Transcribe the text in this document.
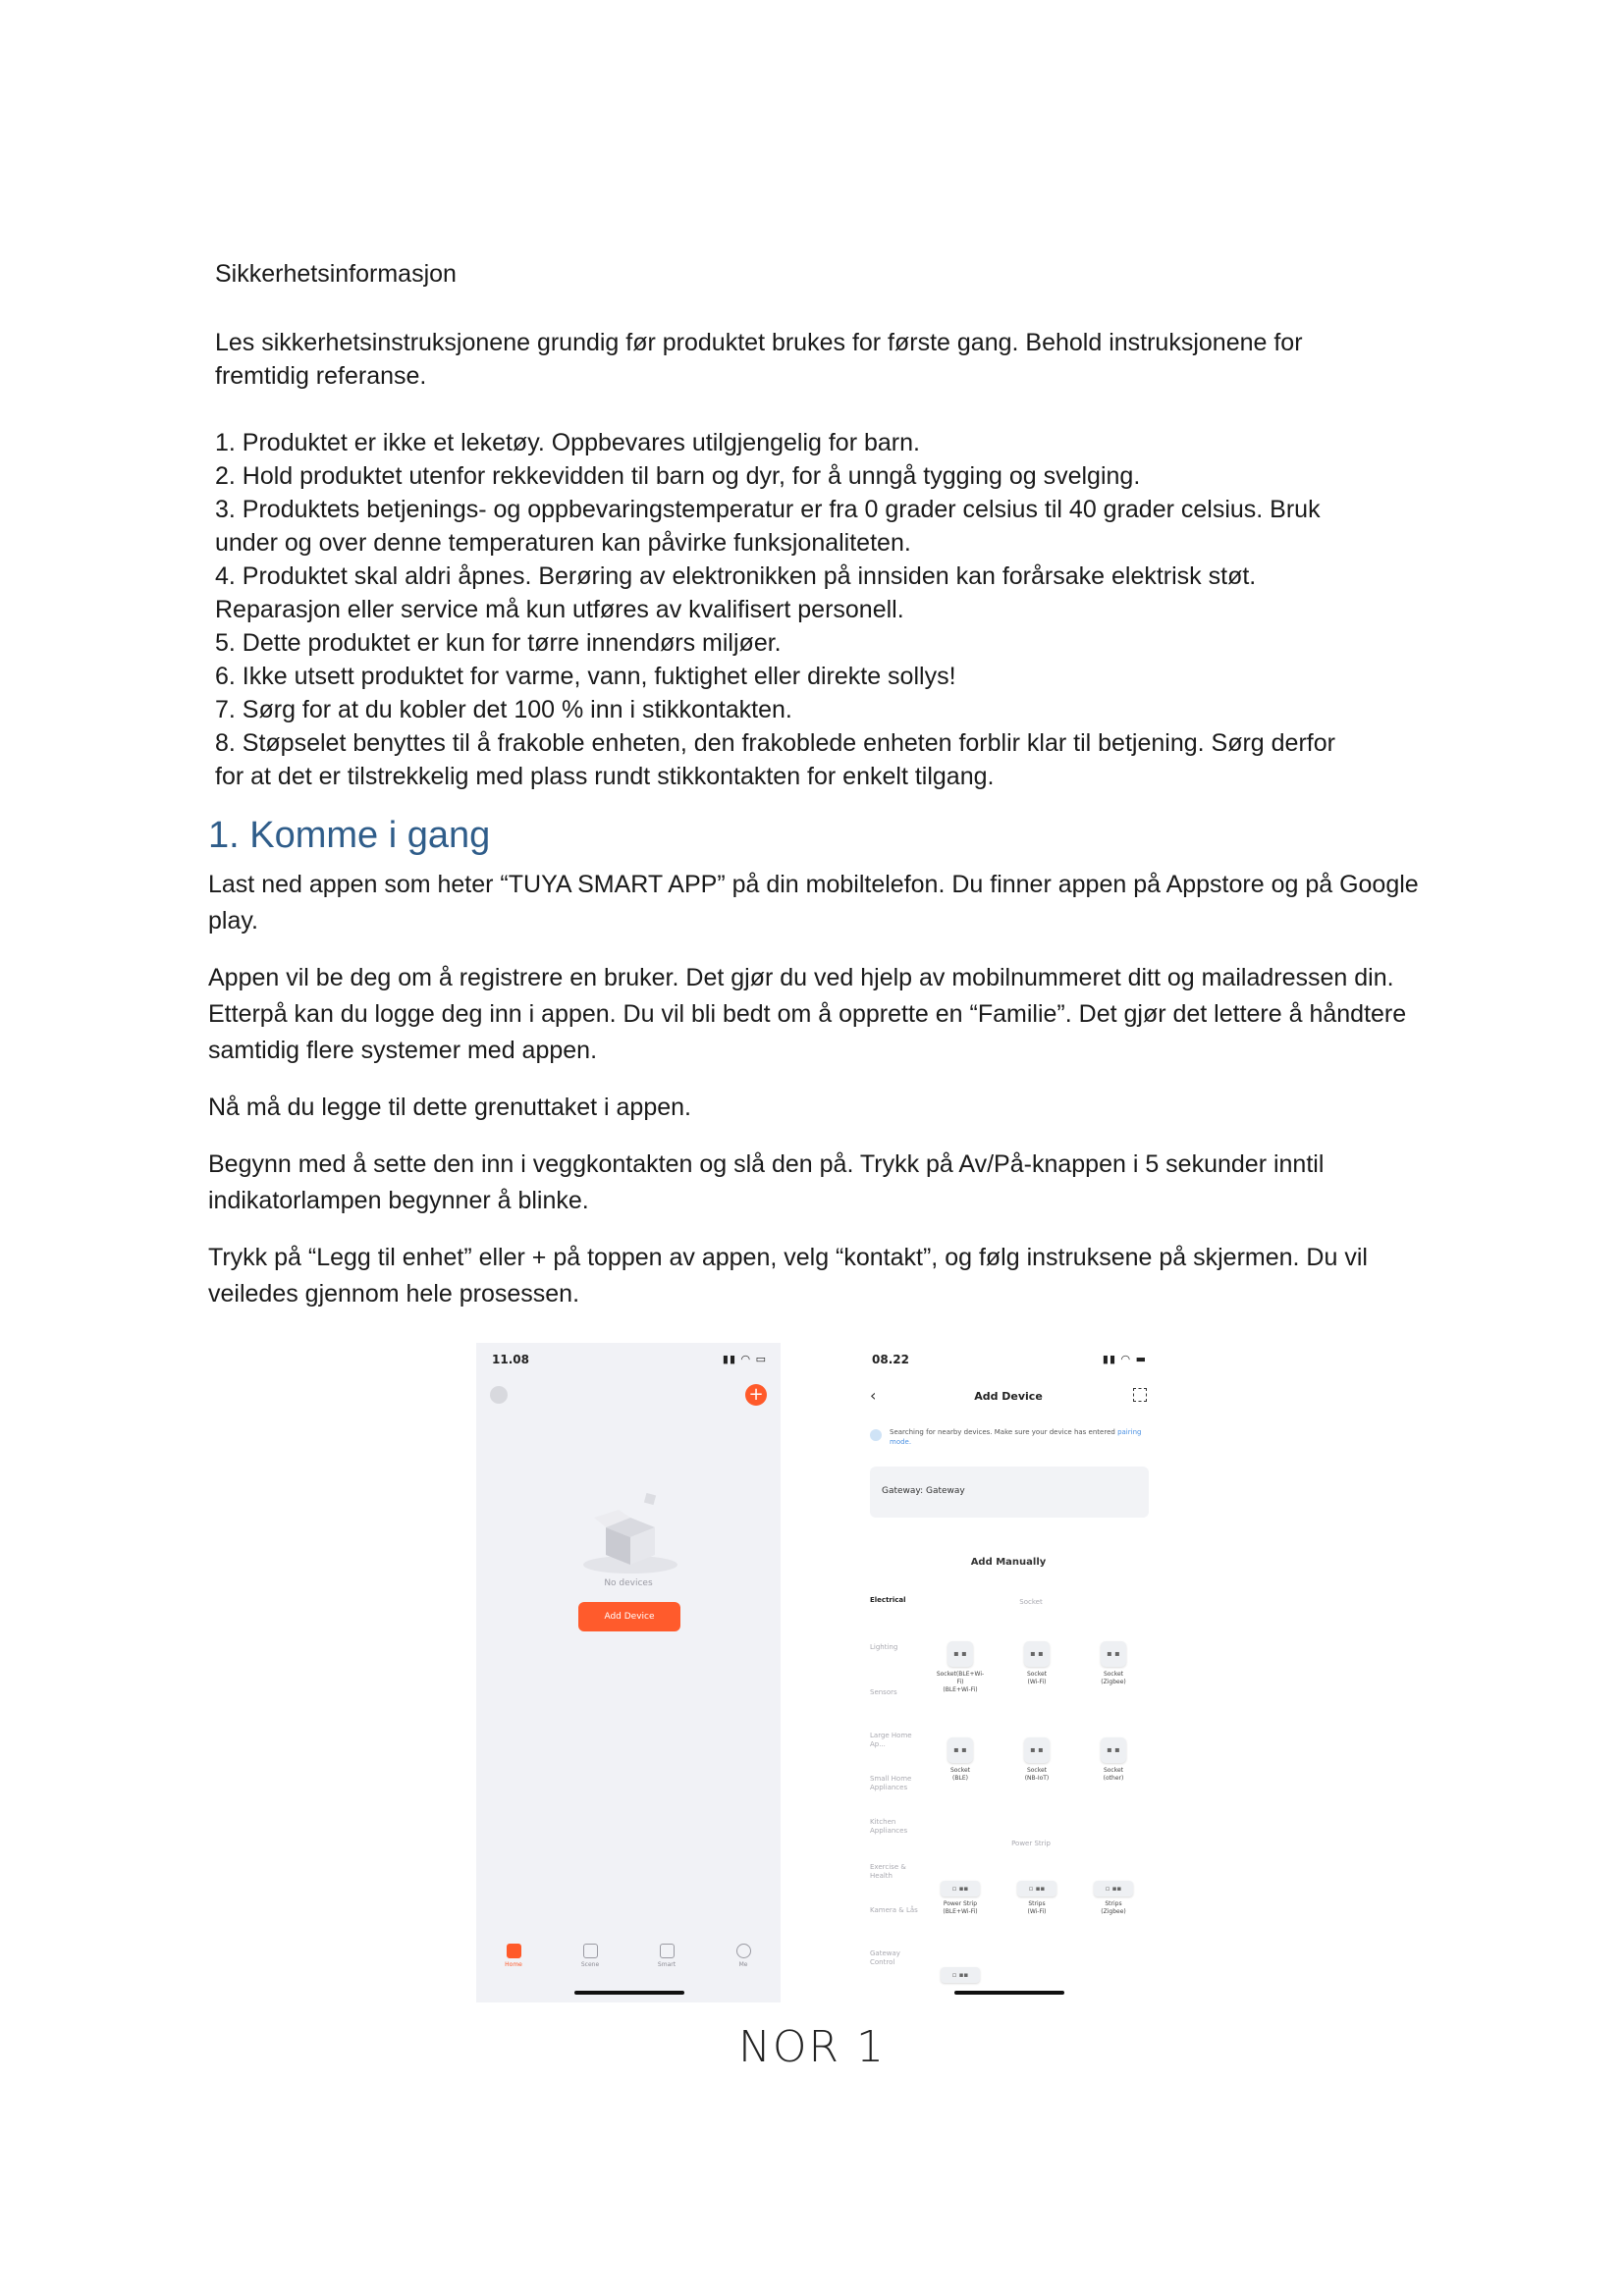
Sikkerhetsinformasjon
Les sikkerhetsinstruksjonene grundig før produktet brukes for første gang. Behold instruksjonene for
fremtidig referanse.
1. Produktet er ikke et leketøy. Oppbevares utilgjengelig for barn.
2. Hold produktet utenfor rekkevidden til barn og dyr, for å unngå tygging og svelging.
3. Produktets betjenings- og oppbevaringstemperatur er fra 0 grader celsius til 40 grader celsius. Bruk
under og over denne temperaturen kan påvirke funksjonaliteten.
4. Produktet skal aldri åpnes. Berøring av elektronikken på innsiden kan forårsake elektrisk støt.
Reparasjon eller service må kun utføres av kvalifisert personell.
5. Dette produktet er kun for tørre innendørs miljøer.
6. Ikke utsett produktet for varme, vann, fuktighet eller direkte sollys!
7. Sørg for at du kobler det 100 % inn i stikkontakten.
8. Støpselet benyttes til å frakoble enheten, den frakoblede enheten forblir klar til betjening. Sørg derfor
for at det er tilstrekkelig med plass rundt stikkontakten for enkelt tilgang.
1. Komme i gang

Last ned appen som heter “TUYA SMART APP” på din mobiltelefon. Du finner appen på Appstore og på Google play.

Appen vil be deg om å registrere en bruker. Det gjør du ved hjelp av mobilnummeret ditt og mailadressen din. Etterpå kan du logge deg inn i appen. Du vil bli bedt om å opprette en “Familie”. Det gjør det lettere å håndtere samtidig flere systemer med appen.

Nå må du legge til dette grenuttaket i appen.

Begynn med å sette den inn i veggkontakten og slå den på. Trykk på Av/På-knappen i 5 sekunder inntil indikatorlampen begynner å blinke.

Trykk på “Legg til enhet” eller + på toppen av appen, velg “kontakt”, og følg instruksene på skjermen. Du vil veiledes gjennom hele prosessen.

11.08	▮▮ ◠ ▭
+
No devices
Add Device
Home	Scene	Smart	Me
08.22	▮▮ ◠ ▬
‹	Add Device
Searching for nearby devices. Make sure your device has entered pairing mode.
Gateway: Gateway
Add Manually
Electrical
Lighting
Sensors
Large Home Ap...
Small Home Appliances
Kitchen Appliances
Exercise & Health
Kamera & Lås
Gateway Control
Socket
Power Strip
▪ ▪
Socket(BLE+Wi-
Fi)
(BLE+Wi-Fi)
▪ ▪
Socket
(Wi-Fi)
▪ ▪
Socket
(Zigbee)
▪ ▪
Socket
(BLE)
▪ ▪
Socket
(NB-IoT)
▪ ▪
Socket
(other)
▫ ▪▪
Power Strip
(BLE+Wi-Fi)
▫ ▪▪
Strips
(Wi-Fi)
▫ ▪▪
Strips
(Zigbee)
▫ ▪▪
NOR 1
